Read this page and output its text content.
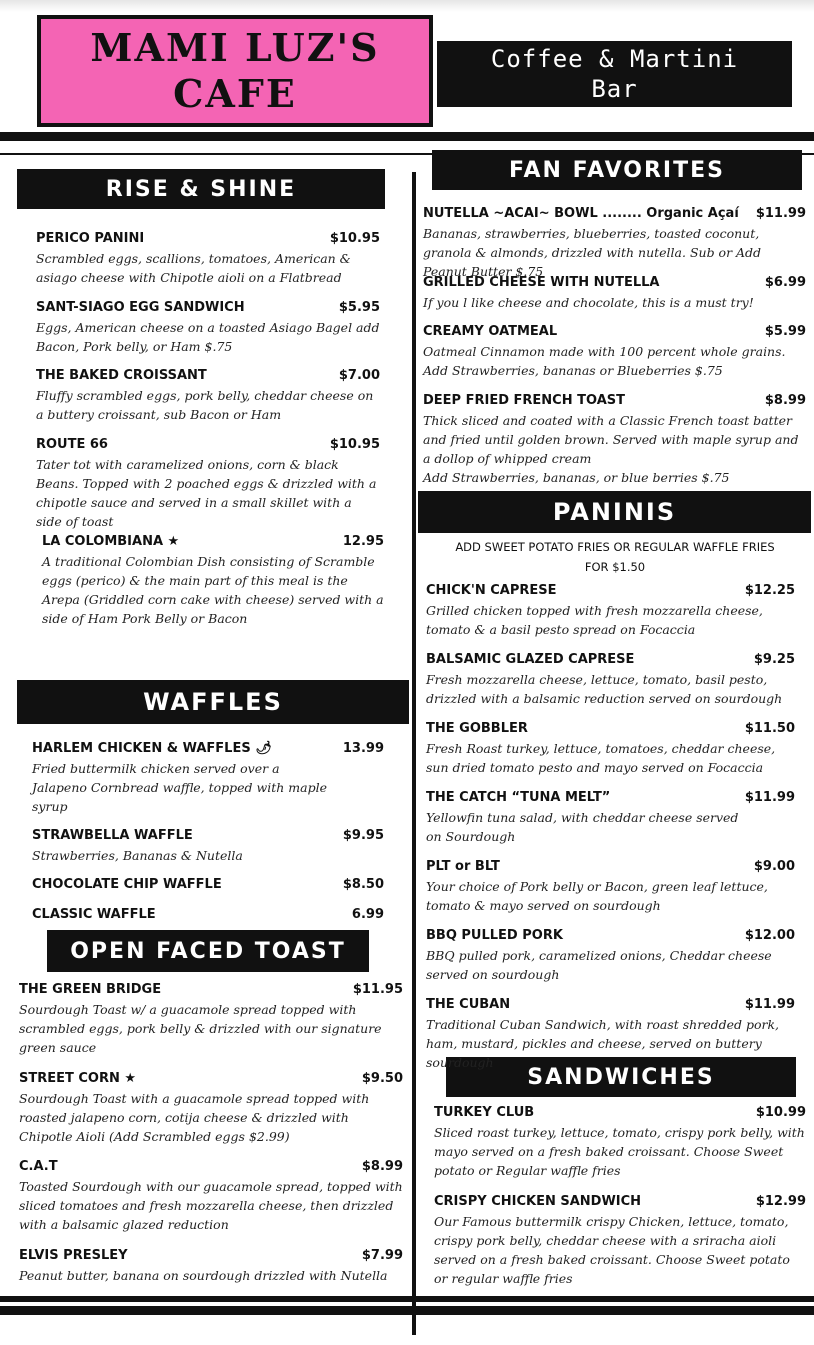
MAMI LUZ'S
CAFE
Coffee & Martini
Bar
RISE & SHINE
FAN FAVORITES
WAFFLES
PANINIS
OPEN FACED TOAST
SANDWICHES
PERICO PANINI	$10.95
Scrambled eggs, scallions, tomatoes, American & asiago cheese with Chipotle aioli on a Flatbread
SANT-SIAGO EGG SANDWICH	$5.95
Eggs, American cheese on a toasted Asiago Bagel add Bacon, Pork belly, or Ham $.75
THE BAKED CROISSANT	$7.00
Fluffy scrambled eggs, pork belly, cheddar cheese on a buttery croissant, sub Bacon or Ham
ROUTE 66	$10.95
Tater tot with caramelized onions, corn & black Beans. Topped with 2 poached eggs & drizzled with a chipotle sauce and served in a small skillet with a side of toast
LA COLOMBIANA ★	12.95
A traditional Colombian Dish consisting of Scramble eggs (perico) & the main part of this meal is the Arepa (Griddled corn cake with cheese) served with a side of Ham Pork Belly or Bacon
HARLEM CHICKEN & WAFFLES 🌶	13.99
Fried buttermilk chicken served over a Jalapeno Cornbread waffle, topped with maple syrup
STRAWBELLA WAFFLE	$9.95
Strawberries, Bananas & Nutella
CHOCOLATE CHIP WAFFLE	$8.50
CLASSIC WAFFLE	6.99
THE GREEN BRIDGE	$11.95
Sourdough Toast w/ a guacamole spread topped with scrambled eggs, pork belly & drizzled with our signature green sauce
STREET CORN ★	$9.50
Sourdough Toast with a guacamole spread topped with roasted jalapeno corn, cotija cheese & drizzled with Chipotle Aioli (Add Scrambled eggs $2.99)
C.A.T	$8.99
Toasted Sourdough with our guacamole spread, topped with sliced tomatoes and fresh mozzarella cheese, then drizzled with a balsamic glazed reduction
ELVIS PRESLEY	$7.99
Peanut butter, banana on sourdough drizzled with Nutella
NUTELLA ~ACAI~ BOWL ........ Organic Açaí $11.99
Bananas, strawberries, blueberries, toasted coconut, granola & almonds, drizzled with nutella. Sub or Add Peanut Butter $.75
GRILLED CHEESE WITH NUTELLA	$6.99
If you l like cheese and chocolate, this is a must try!
CREAMY OATMEAL	$5.99
Oatmeal Cinnamon made with 100 percent whole grains. Add Strawberries, bananas or Blueberries $.75
DEEP FRIED FRENCH TOAST	$8.99
Thick sliced and coated with a Classic French toast batter and fried until golden brown. Served with maple syrup and a dollop of whipped cream
Add Strawberries, bananas, or blue berries $.75
ADD SWEET POTATO FRIES OR REGULAR WAFFLE FRIES
FOR $1.50
CHICK'N CAPRESE	$12.25
Grilled chicken topped with fresh mozzarella cheese, tomato & a basil pesto spread on Focaccia
BALSAMIC GLAZED CAPRESE	$9.25
Fresh mozzarella cheese, lettuce, tomato, basil pesto, drizzled with a balsamic reduction served on sourdough
THE GOBBLER	$11.50
Fresh Roast turkey, lettuce, tomatoes, cheddar cheese, sun dried tomato pesto and mayo served on Focaccia
THE CATCH “TUNA MELT”	$11.99
Yellowfin tuna salad, with cheddar cheese served on Sourdough
PLT or BLT	$9.00
Your choice of Pork belly or Bacon, green leaf lettuce, tomato & mayo served on sourdough
BBQ PULLED PORK	$12.00
BBQ pulled pork, caramelized onions, Cheddar cheese served on sourdough
THE CUBAN	$11.99
Traditional Cuban Sandwich, with roast shredded pork, ham, mustard, pickles and cheese, served on buttery sourdough
TURKEY CLUB	$10.99
Sliced roast turkey, lettuce, tomato, crispy pork belly, with mayo served on a fresh baked croissant. Choose Sweet potato or Regular waffle fries
CRISPY CHICKEN SANDWICH	$12.99
Our Famous buttermilk crispy Chicken, lettuce, tomato, crispy pork belly, cheddar cheese with a sriracha aioli served on a fresh baked croissant. Choose Sweet potato or regular waffle fries
